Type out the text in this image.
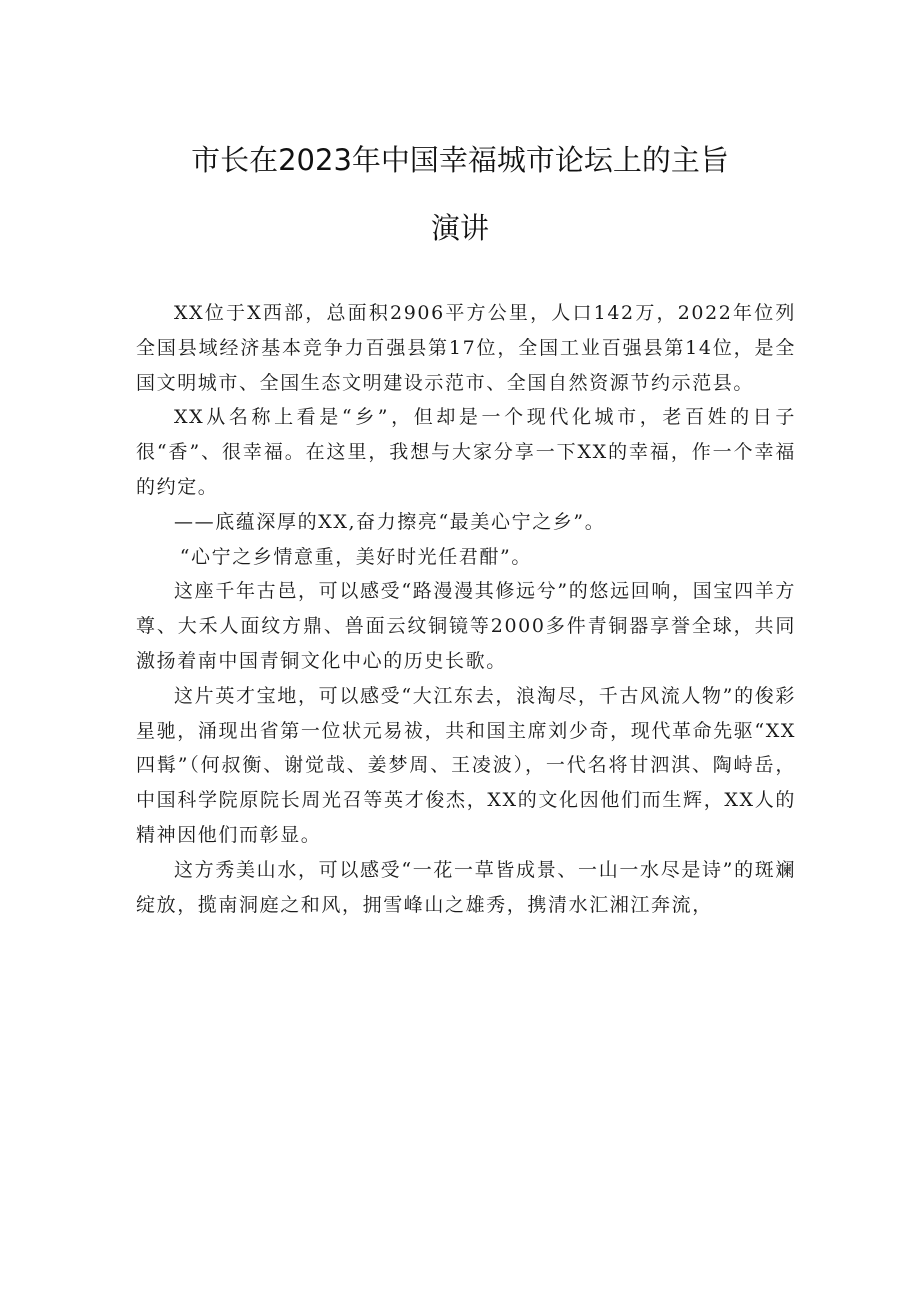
市长在2023年中国幸福城市论坛上的主旨
演讲

XX位于X西部，总面积2906平方公里，人口142万，2022年位列全国县域经济基本竞争力百强县第17位，全国工业百强县第14位，是全国文明城市、全国生态文明建设示范市、全国自然资源节约示范县。

XX从名称上看是“乡”，但却是一个现代化城市，老百姓的日子很“香”、很幸福。在这里，我想与大家分享一下XX的幸福，作一个幸福的约定。

——底蕴深厚的XX,奋力擦亮“最美心宁之乡”。

“心宁之乡情意重，美好时光任君酣”。

这座千年古邑，可以感受“路漫漫其修远兮”的悠远回响，国宝四羊方尊、大禾人面纹方鼎、兽面云纹铜镜等2000多件青铜器享誉全球，共同激扬着南中国青铜文化中心的历史长歌。

这片英才宝地，可以感受“大江东去，浪淘尽，千古风流人物”的俊彩星驰，涌现出省第一位状元易祓，共和国主席刘少奇，现代革命先驱“XX四髯”（何叔衡、谢觉哉、姜梦周、王凌波），一代名将甘泗淇、陶峙岳，中国科学院原院长周光召等英才俊杰，XX的文化因他们而生辉，XX人的精神因他们而彰显。

这方秀美山水，可以感受“一花一草皆成景、一山一水尽是诗”的斑斓绽放，揽南洞庭之和风，拥雪峰山之雄秀，携清水汇湘江奔流，
